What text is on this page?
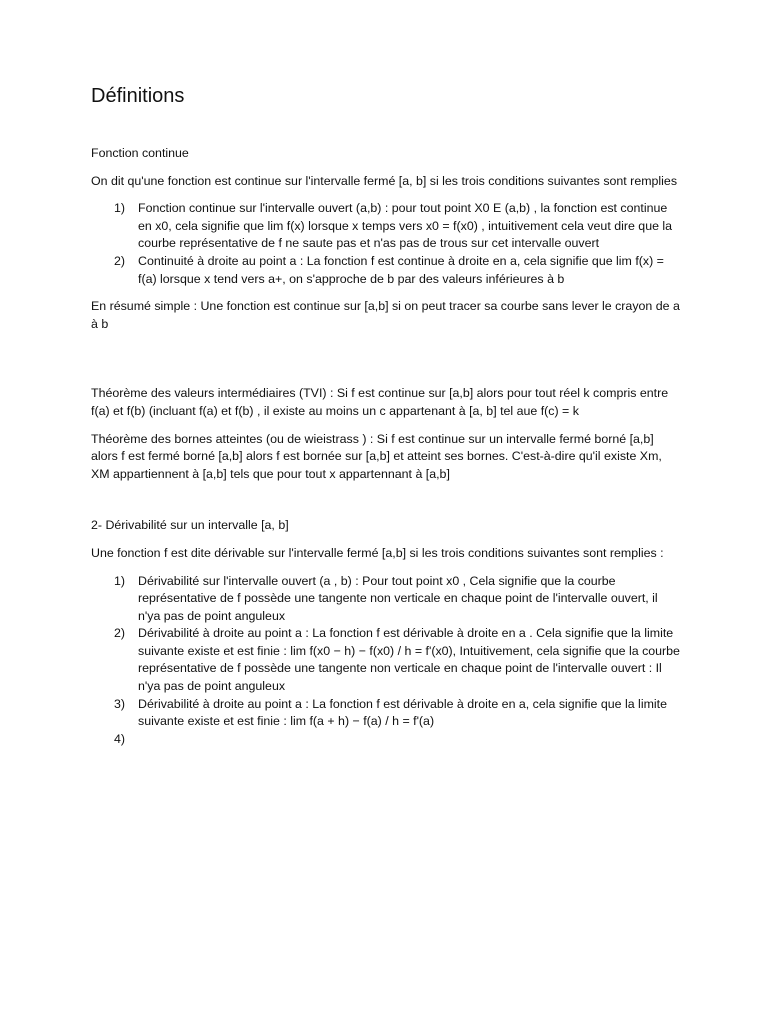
Définitions

Fonction continue

On dit qu'une fonction est continue sur l'intervalle fermé [a, b] si les trois conditions suivantes sont remplies

1) Fonction continue sur l'intervalle ouvert (a,b) : pour tout point X0 E (a,b) , la fonction est continue en x0, cela signifie que lim f(x) lorsque x temps vers x0 = f(x0) , intuitivement cela veut dire que la courbe représentative de f ne saute pas et n'as pas de trous sur cet intervalle ouvert
2) Continuité à droite au point a : La fonction f est continue à droite en a, cela signifie que lim f(x) = f(a) lorsque x tend vers a+, on s'approche de b par des valeurs inférieures à b

En résumé simple : Une fonction est continue sur [a,b] si on peut tracer sa courbe sans lever le crayon de a à b

Théorème des valeurs intermédiaires (TVI) : Si f est continue sur [a,b] alors pour tout réel k compris entre f(a) et f(b) (incluant f(a) et f(b) , il existe au moins un c appartenant à [a, b] tel aue f(c) = k

Théorème des bornes atteintes (ou de wieistrass ) : Si f est continue sur un intervalle fermé borné [a,b] alors f est fermé borné [a,b] alors f est bornée sur [a,b] et atteint ses bornes. C'est-à-dire qu'il existe Xm, XM appartiennent à [a,b] tels que pour tout x appartennant à [a,b]

2- Dérivabilité sur un intervalle [a, b]

Une fonction f est dite dérivable sur l'intervalle fermé [a,b] si les trois conditions suivantes sont remplies :

1) Dérivabilité sur l'intervalle ouvert (a , b) : Pour tout point x0 , Cela signifie que la courbe représentative de f possède une tangente non verticale en chaque point de l'intervalle ouvert, il n'ya pas de point anguleux
2) Dérivabilité à droite au point a : La fonction f est dérivable à droite en a . Cela signifie que la limite suivante existe et est finie : lim f(x0 − h) − f(x0) / h = f'(x0), Intuitivement, cela signifie que la courbe représentative de f possède une tangente non verticale en chaque point de l'intervalle ouvert : Il n'ya pas de point anguleux
3) Dérivabilité à droite au point a : La fonction f est dérivable à droite en a, cela signifie que la limite suivante existe et est finie : lim f(a + h) − f(a) / h = f'(a)
4)
